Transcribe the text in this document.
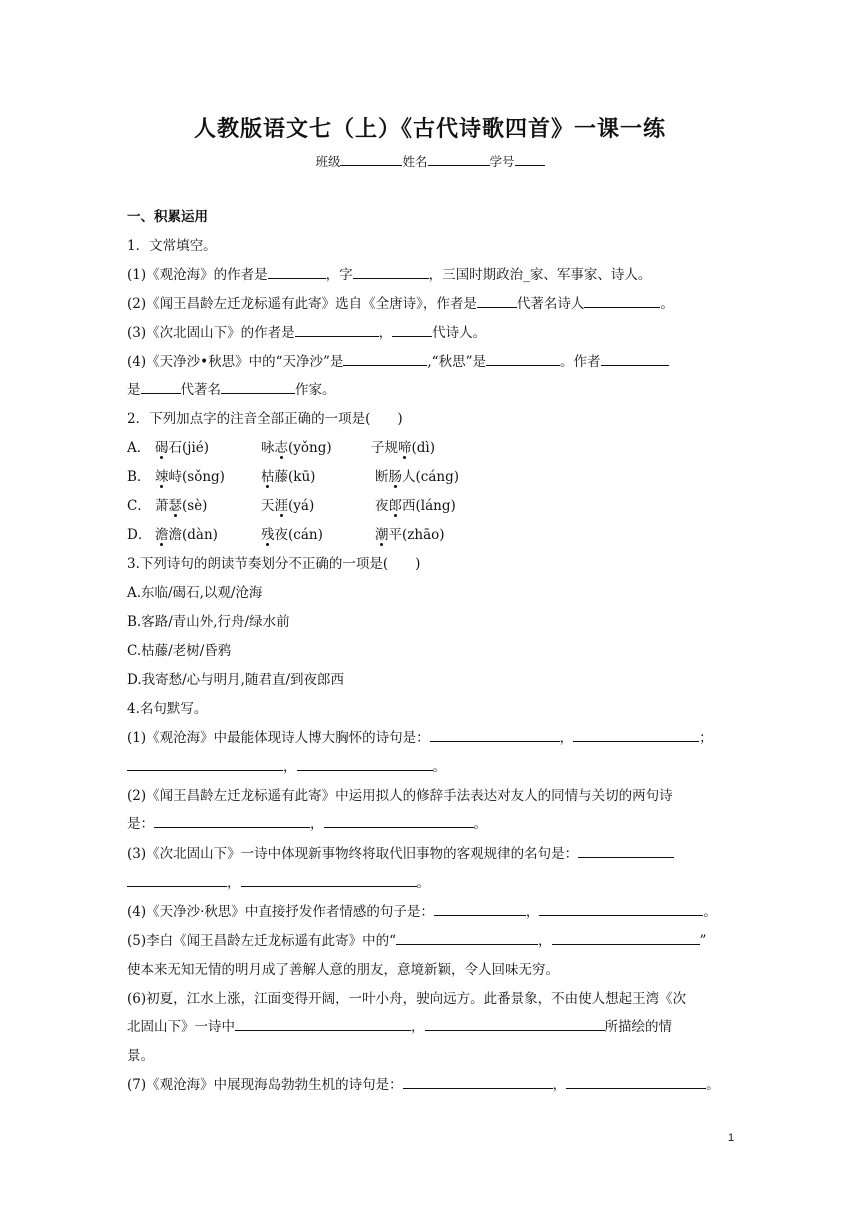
人教版语文七（上）《古代诗歌四首》一课一练
班级	姓名	学号
一、积累运用
1．文常填空。
(1)《观沧海》的作者是	，字	，三国时期政治_家、军事家、诗人。
(2)《闻王昌龄左迁龙标遥有此寄》选自《全唐诗》，作者是	代著名诗人	。
(3)《次北固山下》的作者是	，	代诗人。
(4)《天净沙•秋思》中的“天净沙”是	,“秋思”是	。作者
是	代著名	作家。
2．下列加点字的注音全部正确的一项是(　　)
A． 碣石(jié)	咏志(yǒng)	子规啼(dì)
B． 竦峙(sǒng)	枯藤(kū)	断肠人(cáng)
C． 萧瑟(sè)	天涯(yá)	夜郎西(láng)
D． 澹澹(dàn)	残夜(cán)	潮平(zhāo)
3.下列诗句的朗读节奏划分不正确的一项是(　　)
A.东临/碣石,以观/沧海
B.客路/青山外,行舟/绿水前
C.枯藤/老树/昏鸦
D.我寄愁/心与明月,随君直/到夜郎西
4.名句默写。
(1)《观沧海》中最能体现诗人博大胸怀的诗句是：	，	；
，	。
(2)《闻王昌龄左迁龙标遥有此寄》中运用拟人的修辞手法表达对友人的同情与关切的两句诗
是：	，	。
(3)《次北固山下》一诗中体现新事物终将取代旧事物的客观规律的名句是：
，	。
(4)《天净沙·秋思》中直接抒发作者情感的句子是：	，	。
(5)李白《闻王昌龄左迁龙标遥有此寄》中的“	，	”
使本来无知无情的明月成了善解人意的朋友，意境新颖，令人回味无穷。
(6)初夏，江水上涨，江面变得开阔，一叶小舟，驶向远方。此番景象，不由使人想起王湾《次
北固山下》一诗中	，	所描绘的情
景。
(7)《观沧海》中展现海岛勃勃生机的诗句是：	，	。
1
